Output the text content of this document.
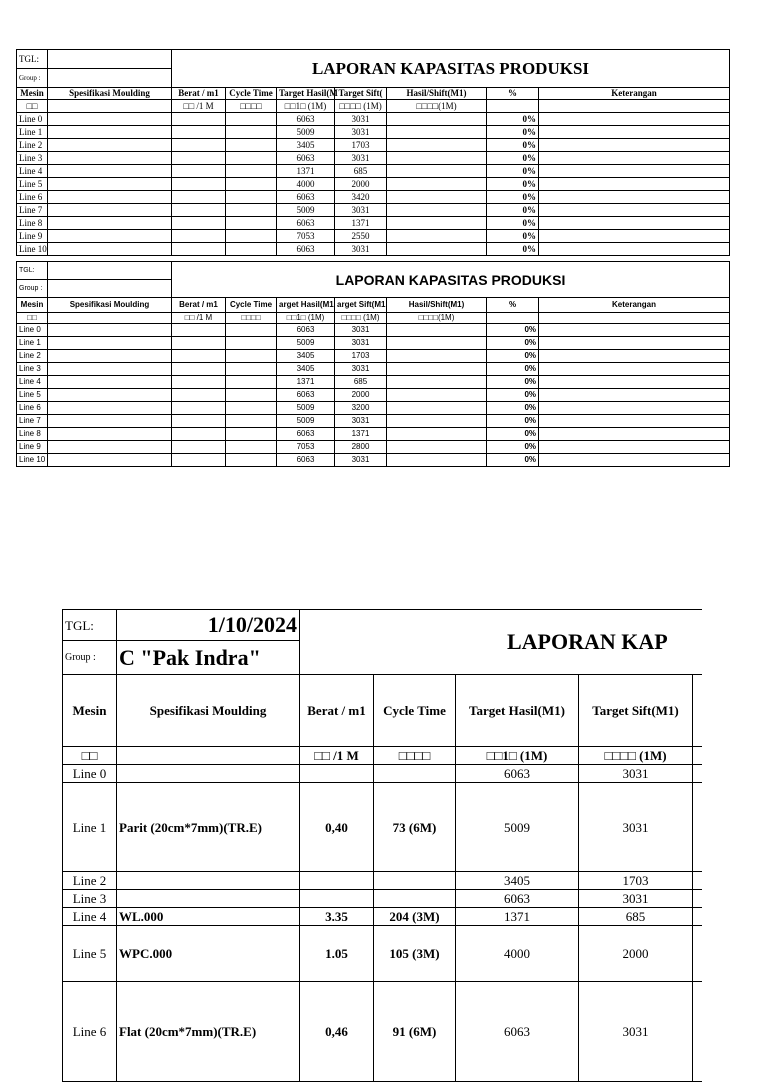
TGL:		LAPORAN KAPASITAS PRODUKSI						
Group :								
Mesin	Spesifikasi Moulding	Berat / m1	Cycle Time	Target Hasil(M	Target Sift(	Hasil/Shift(M1)	%	Keterangan
□□		□□ /1 M	□□□□	□□1□ (1M)	□□□□ (1M)	□□□□(1M)		
Line 0				6063	3031		0%	
Line 1				5009	3031		0%	
Line 2				3405	1703		0%	
Line 3				6063	3031		0%	
Line 4				1371	685		0%	
Line 5				4000	2000		0%	
Line 6				6063	3420		0%	
Line 7				5009	3031		0%	
Line 8				6063	1371		0%	
Line 9				7053	2550		0%	
Line 10				6063	3031		0%	
TGL:		LAPORAN KAPASITAS PRODUKSI						
Group :								
Mesin	Spesifikasi Moulding	Berat / m1	Cycle Time	arget Hasil(M1	arget Sift(M1	Hasil/Shift(M1)	%	Keterangan
□□		□□ /1 M	□□□□	□□1□ (1M)	□□□□ (1M)	□□□□(1M)		
Line 0				6063	3031		0%	
Line 1				5009	3031		0%	
Line 2				3405	1703		0%	
Line 3				3405	3031		0%	
Line 4				1371	685		0%	
Line 5				6063	2000		0%	
Line 6				5009	3200		0%	
Line 7				5009	3031		0%	
Line 8				6063	1371		0%	
Line 9				7053	2800		0%	
Line 10				6063	3031		0%	
TGL:	1/10/2024	LAPORAN KAP				
Group :	C "Pak Indra"					
Mesin	Spesifikasi Moulding	Berat / m1	Cycle Time	Target Hasil(M1)	Target Sift(M1)	
□□		□□ /1 M	□□□□	□□1□ (1M)	□□□□ (1M)	
Line 0				6063	3031	
Line 1	Parit (20cm*7mm)(TR.E)	0,40	73 (6M)	5009	3031	
Line 2				3405	1703	
Line 3				6063	3031	
Line 4	WL.000	3.35	204 (3M)	1371	685	
Line 5	WPC.000	1.05	105 (3M)	4000	2000	
Line 6	Flat (20cm*7mm)(TR.E)	0,46	91 (6M)	6063	3031	
